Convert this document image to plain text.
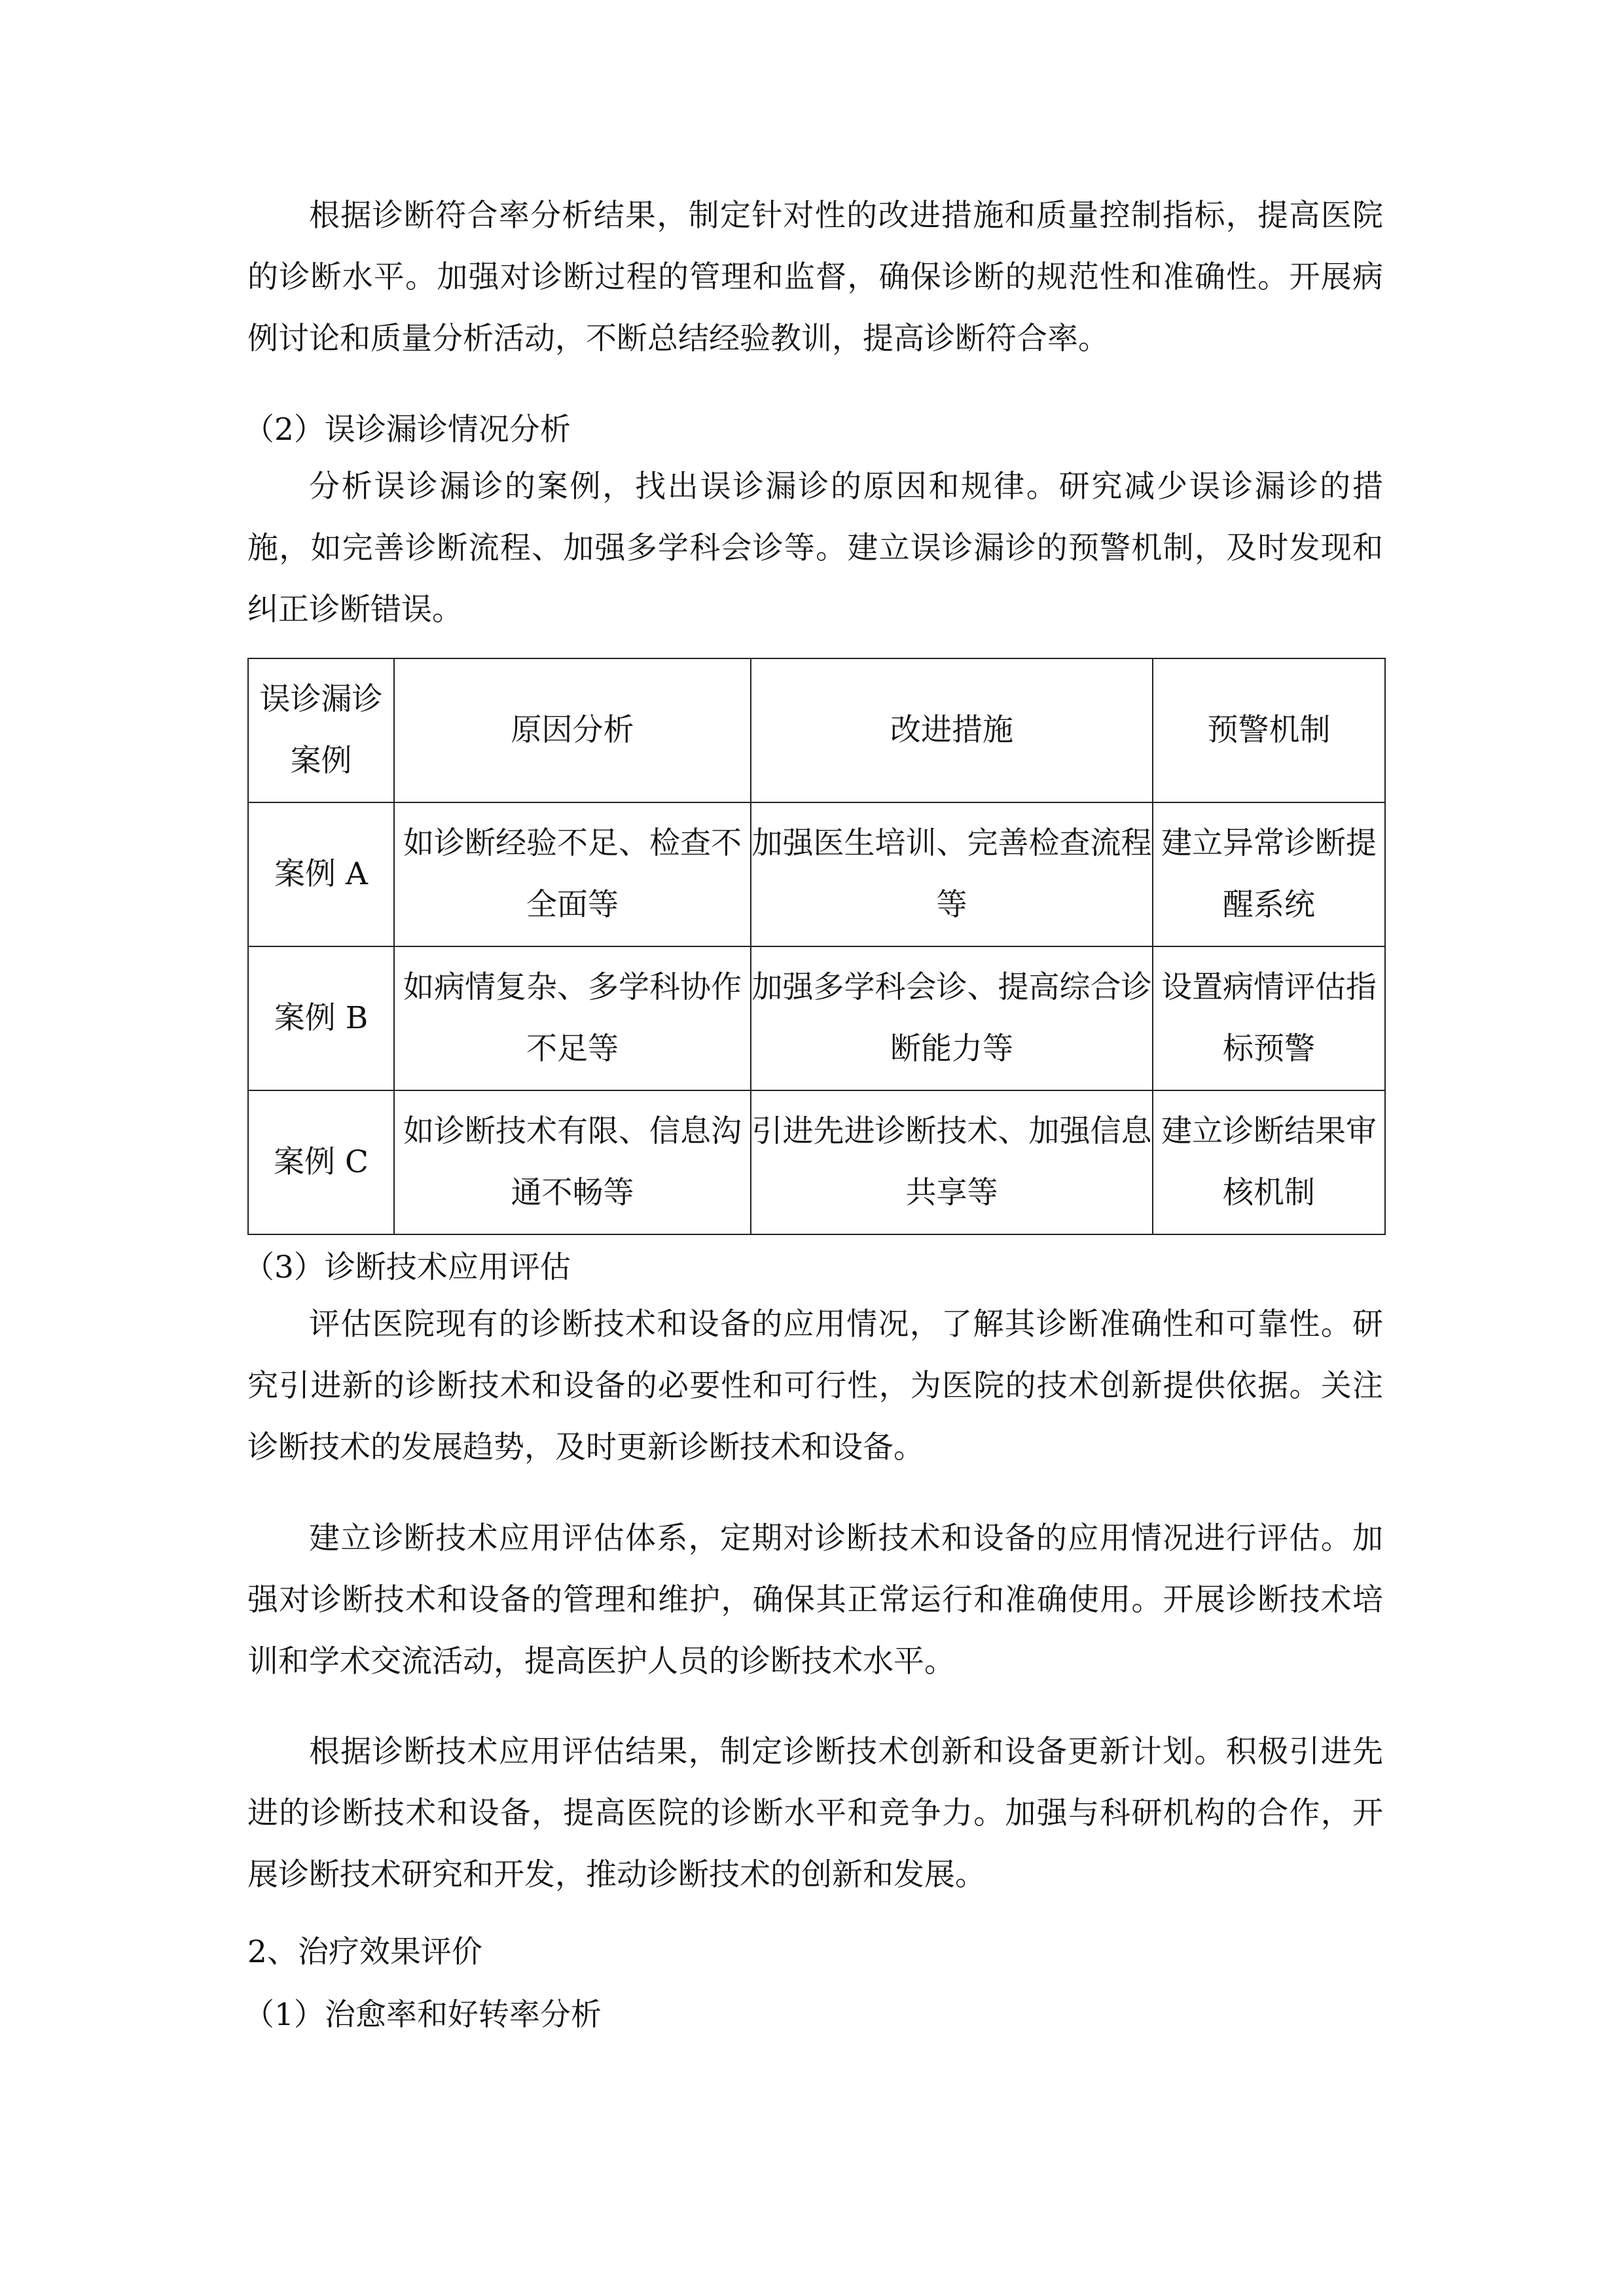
根据诊断符合率分析结果，制定针对性的改进措施和质量控制指标，提高医院的诊断水平。加强对诊断过程的管理和监督，确保诊断的规范性和准确性。开展病例讨论和质量分析活动，不断总结经验教训，提高诊断符合率。

（2）误诊漏诊情况分析

分析误诊漏诊的案例，找出误诊漏诊的原因和规律。研究减少误诊漏诊的措施，如完善诊断流程、加强多学科会诊等。建立误诊漏诊的预警机制，及时发现和纠正诊断错误。

误诊漏诊案例	原因分析	改进措施	预警机制
案例 A	如诊断经验不足、检查不全面等	加强医生培训、完善检查流程等	建立异常诊断提醒系统
案例 B	如病情复杂、多学科协作不足等	加强多学科会诊、提高综合诊断能力等	设置病情评估指标预警
案例 C	如诊断技术有限、信息沟通不畅等	引进先进诊断技术、加强信息共享等	建立诊断结果审核机制

（3）诊断技术应用评估

评估医院现有的诊断技术和设备的应用情况，了解其诊断准确性和可靠性。研究引进新的诊断技术和设备的必要性和可行性，为医院的技术创新提供依据。关注诊断技术的发展趋势，及时更新诊断技术和设备。

建立诊断技术应用评估体系，定期对诊断技术和设备的应用情况进行评估。加强对诊断技术和设备的管理和维护，确保其正常运行和准确使用。开展诊断技术培训和学术交流活动，提高医护人员的诊断技术水平。

根据诊断技术应用评估结果，制定诊断技术创新和设备更新计划。积极引进先进的诊断技术和设备，提高医院的诊断水平和竞争力。加强与科研机构的合作，开展诊断技术研究和开发，推动诊断技术的创新和发展。

2、治疗效果评价

（1）治愈率和好转率分析
